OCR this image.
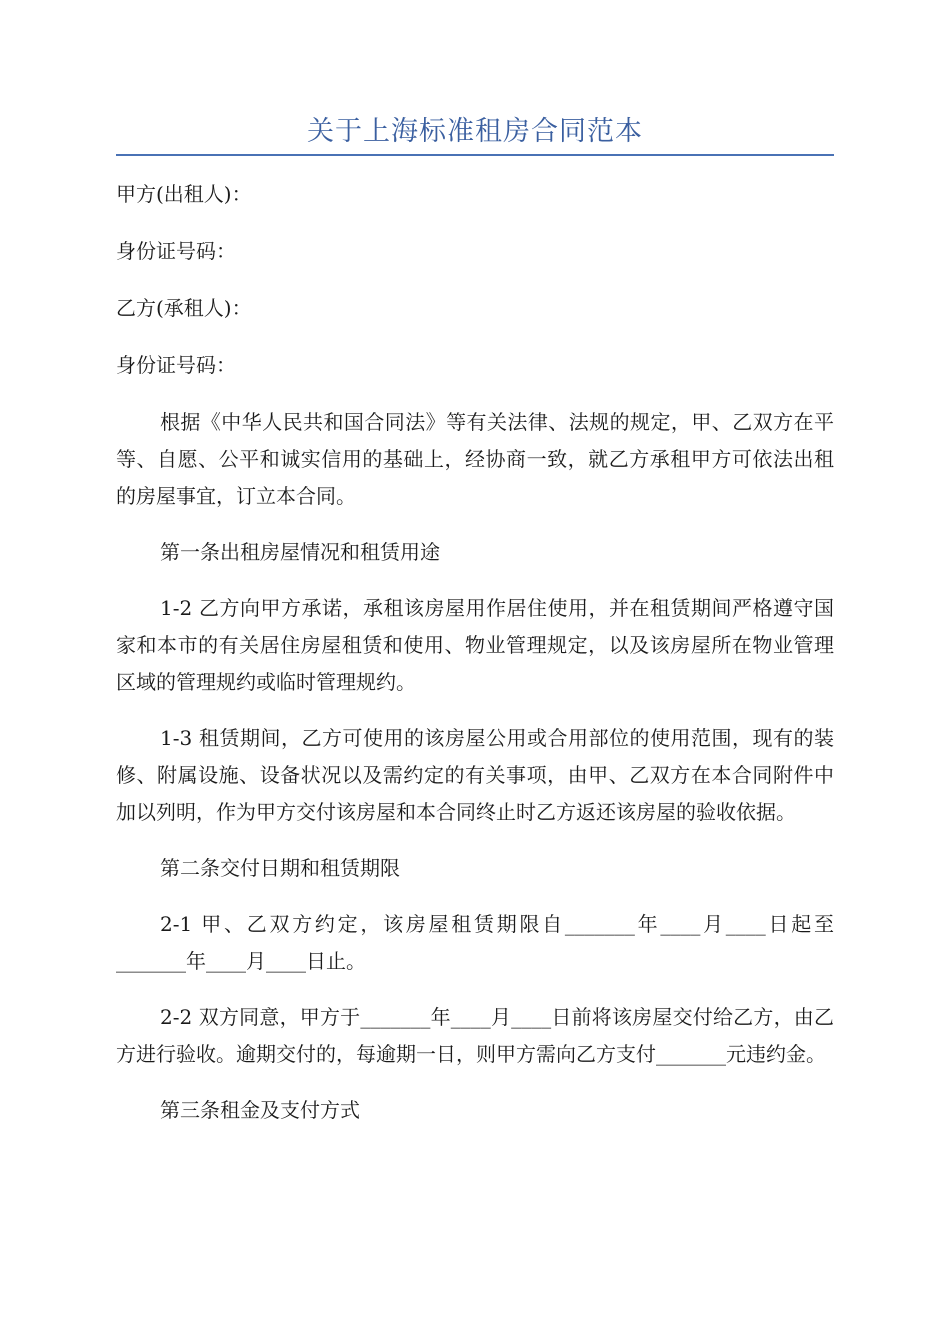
关于上海标准租房合同范本

甲方(出租人)：

身份证号码：

乙方(承租人)：

身份证号码：

根据《中华人民共和国合同法》等有关法律、法规的规定，甲、乙双方在平等、自愿、公平和诚实信用的基础上，经协商一致，就乙方承租甲方可依法出租的房屋事宜，订立本合同。

第一条出租房屋情况和租赁用途

1-2 乙方向甲方承诺，承租该房屋用作居住使用，并在租赁期间严格遵守国家和本市的有关居住房屋租赁和使用、物业管理规定，以及该房屋所在物业管理区域的管理规约或临时管理规约。

1-3 租赁期间，乙方可使用的该房屋公用或合用部位的使用范围，现有的装修、附属设施、设备状况以及需约定的有关事项，由甲、乙双方在本合同附件中加以列明，作为甲方交付该房屋和本合同终止时乙方返还该房屋的验收依据。

第二条交付日期和租赁期限

2-1 甲、乙双方约定，该房屋租赁期限自_______年____月____日起至_______年____月____日止。

2-2 双方同意，甲方于_______年____月____日前将该房屋交付给乙方，由乙方进行验收。逾期交付的，每逾期一日，则甲方需向乙方支付_______元违约金。

第三条租金及支付方式
